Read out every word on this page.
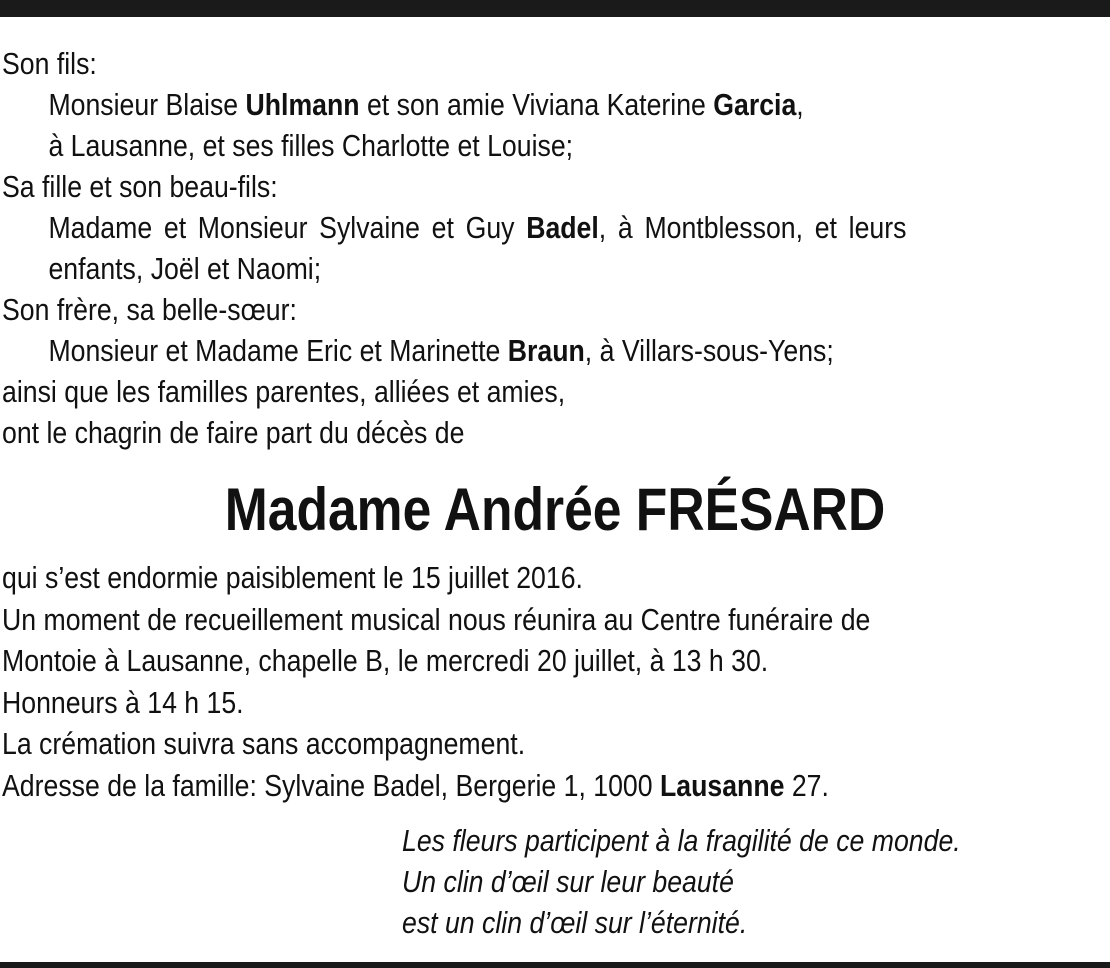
Son fils:
Monsieur Blaise Uhlmann et son amie Viviana Katerine Garcia,
à Lausanne, et ses filles Charlotte et Louise;
Sa fille et son beau-fils:
Madame et Monsieur Sylvaine et Guy Badel, à Montblesson, et leurs
enfants, Joël et Naomi;
Son frère, sa belle-sœur:
Monsieur et Madame Eric et Marinette Braun, à Villars-sous-Yens;
ainsi que les familles parentes, alliées et amies,
ont le chagrin de faire part du décès de
Madame Andrée FRÉSARD
qui s’est endormie paisiblement le 15 juillet 2016.
Un moment de recueillement musical nous réunira au Centre funéraire de
Montoie à Lausanne, chapelle B, le mercredi 20 juillet, à 13 h 30.
Honneurs à 14 h 15.
La crémation suivra sans accompagnement.
Adresse de la famille: Sylvaine Badel, Bergerie 1, 1000 Lausanne 27.
Les fleurs participent à la fragilité de ce monde.
Un clin d’œil sur leur beauté
est un clin d’œil sur l’éternité.
